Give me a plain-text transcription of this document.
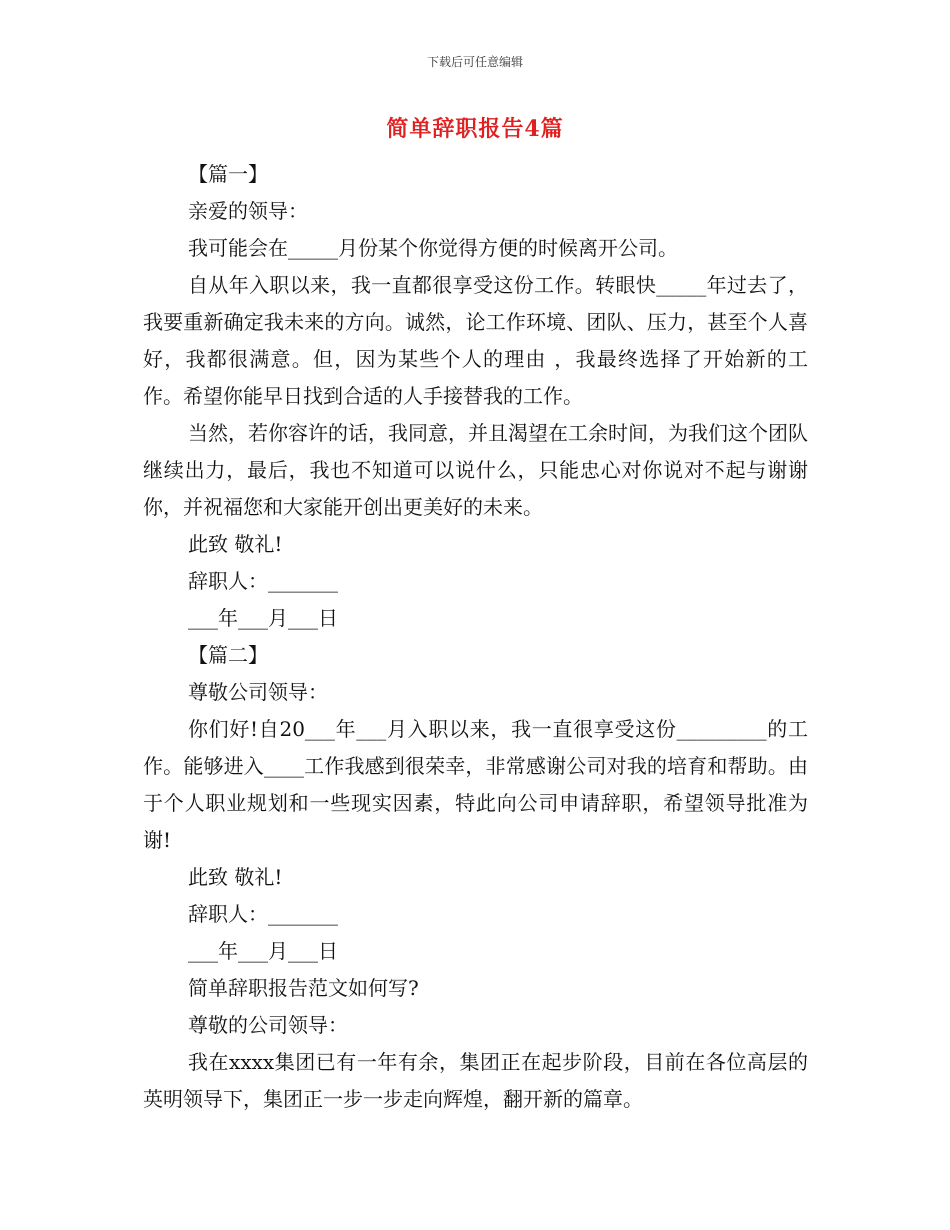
下载后可任意编辑
简单辞职报告4篇
【篇一】
亲爱的领导：
我可能会在_____月份某个你觉得方便的时候离开公司。

自从年入职以来，我一直都很享受这份工作。转眼快_____年过去了，我要重新确定我未来的方向。诚然，论工作环境、团队、压力，甚至个人喜好，我都很满意。但，因为某些个人的理由 ，我最终选择了开始新的工作。希望你能早日找到合适的人手接替我的工作。

当然，若你容许的话，我同意，并且渴望在工余时间，为我们这个团队继续出力，最后，我也不知道可以说什么，只能忠心对你说对不起与谢谢你，并祝福您和大家能开创出更美好的未来。

此致 敬礼!
辞职人：_______
___年___月___日
【篇二】
尊敬公司领导：

你们好!自20___年___月入职以来，我一直很享受这份_________的工作。能够进入____工作我感到很荣幸，非常感谢公司对我的培育和帮助。由于个人职业规划和一些现实因素，特此向公司申请辞职，希望领导批准为谢!

此致 敬礼!
辞职人：_______
___年___月___日
简单辞职报告范文如何写?
尊敬的公司领导：

我在xxxx集团已有一年有余，集团正在起步阶段，目前在各位高层的英明领导下，集团正一步一步走向辉煌，翻开新的篇章。
